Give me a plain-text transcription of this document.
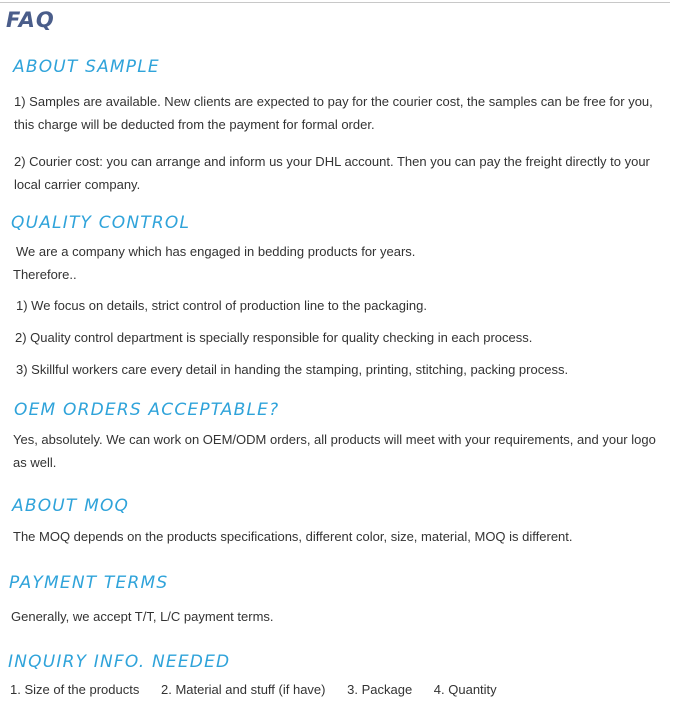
FAQ
ABOUT SAMPLE

1) Samples are available. New clients are expected to pay for the courier cost, the samples can be free for you,

this charge will be deducted from the payment for formal order.

2) Courier cost: you can arrange and inform us your DHL account. Then you can pay the freight directly to your

local carrier company.

QUALITY CONTROL

We are a company which has engaged in bedding products for years.

Therefore..

1) We focus on details, strict control of production line to the packaging.

2) Quality control department is specially responsible for quality checking in each process.

3) Skillful workers care every detail in handing the stamping, printing, stitching, packing process.

OEM ORDERS ACCEPTABLE?

Yes, absolutely. We can work on OEM/ODM orders, all products will meet with your requirements, and your logo

as well.

ABOUT MOQ

The MOQ depends on the products specifications, different color, size, material, MOQ is different.

PAYMENT TERMS

Generally, we accept T/T, L/C payment terms.

INQUIRY INFO. NEEDED
1. Size of the products 2. Material and stuff (if have) 3. Package 4. Quantity
